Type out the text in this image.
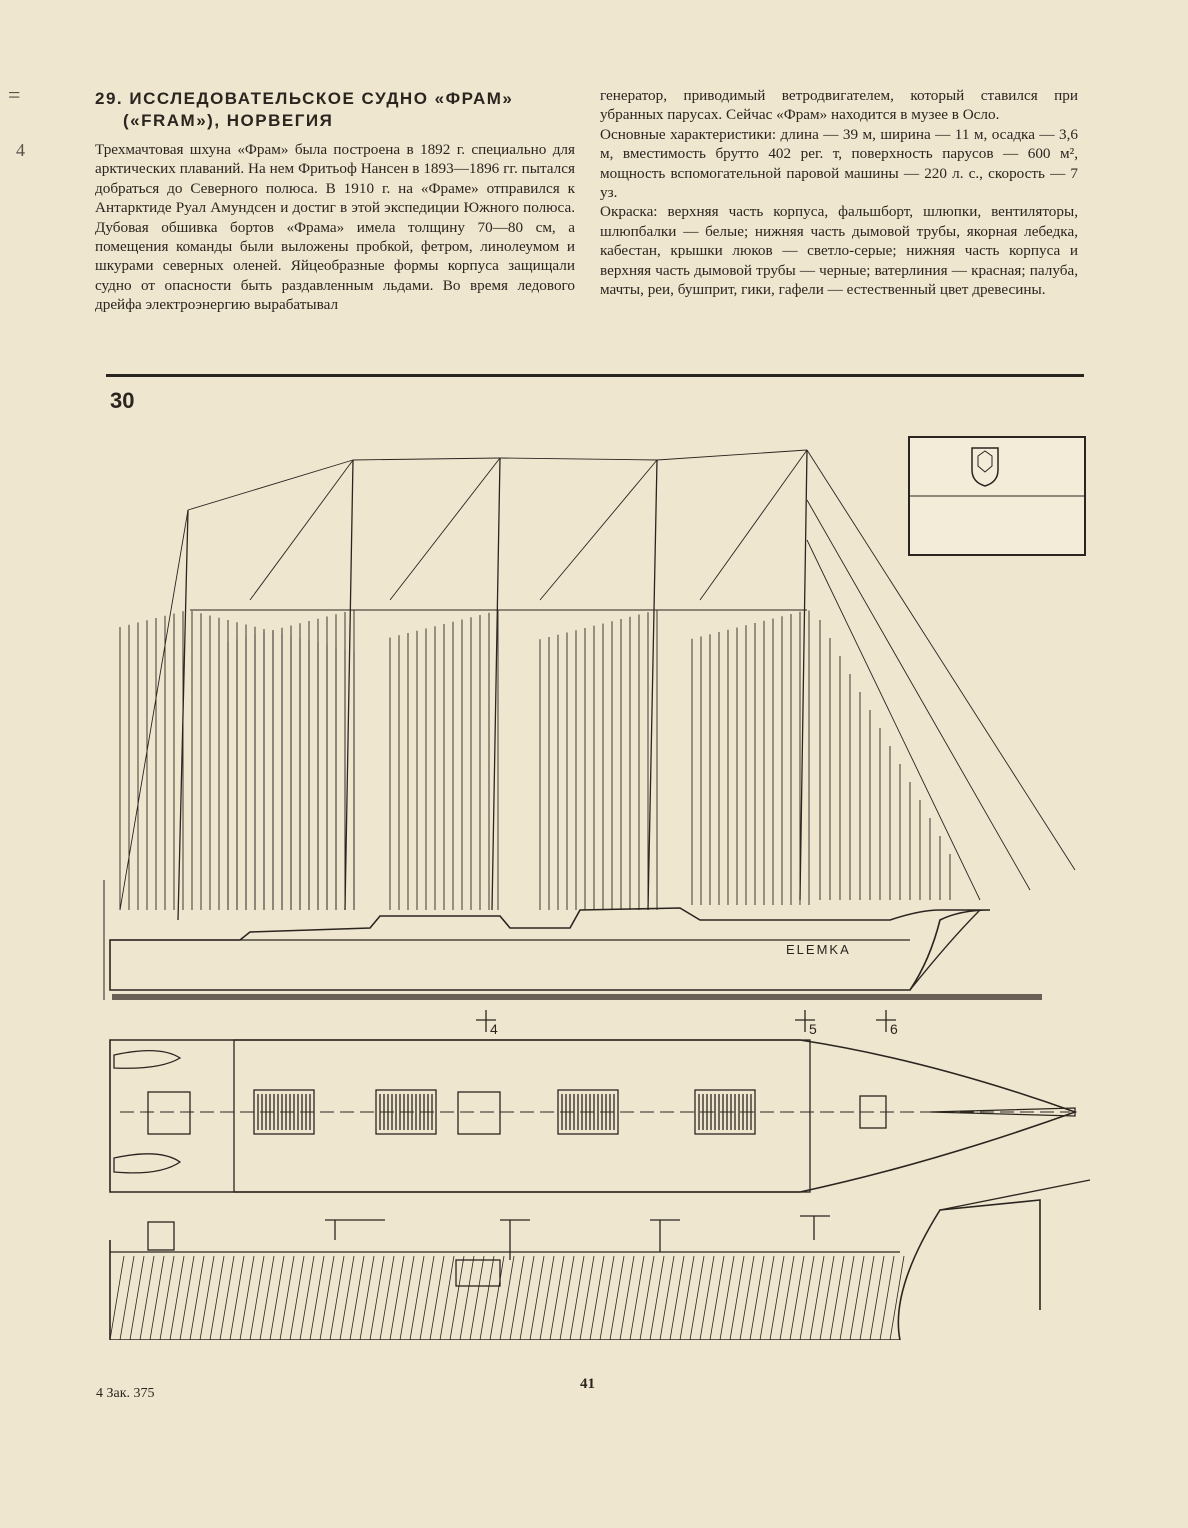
=
4
29. ИССЛЕДОВАТЕЛЬСКОЕ СУДНО «ФРАМ»
(«FRAM»), НОРВЕГИЯ

Трехмачтовая шхуна «Фрам» была построена в 1892 г. специально для арктических плаваний. На нем Фритьоф Нансен в 1893—1896 гг. пытался добраться до Северного полюса. В 1910 г. на «Фраме» отправился к Антарктиде Руал Амундсен и достиг в этой экспедиции Южного полюса. Дубовая обшивка бортов «Фрама» имела толщину 70—80 см, а помещения команды были выложены пробкой, фетром, линолеумом и шкурами северных оленей. Яйцеобразные формы корпуса защищали судно от опасности быть раздавленным льдами. Во время ледового дрейфа электроэнергию вырабатывал

генератор, приводимый ветродвигателем, который ставился при убранных парусах. Сейчас «Фрам» находится в музее в Осло.

Основные характеристики: длина — 39 м, ширина — 11 м, осадка — 3,6 м, вместимость брутто 402 рег. т, поверхность парусов — 600 м², мощность вспомогательной паровой машины — 220 л. с., скорость — 7 уз.

Окраска: верхняя часть корпуса, фальшборт, шлюпки, вентиляторы, шлюпбалки — белые; нижняя часть дымовой трубы, якорная лебедка, кабестан, крышки люков — светло-серые; нижняя часть корпуса и верхняя часть дымовой трубы — черные; ватерлиния — красная; палуба, мачты, реи, бушприт, гики, гафели — естественный цвет древесины.

30
ELEMKA
4	5	6
4 Зак. 375
41
